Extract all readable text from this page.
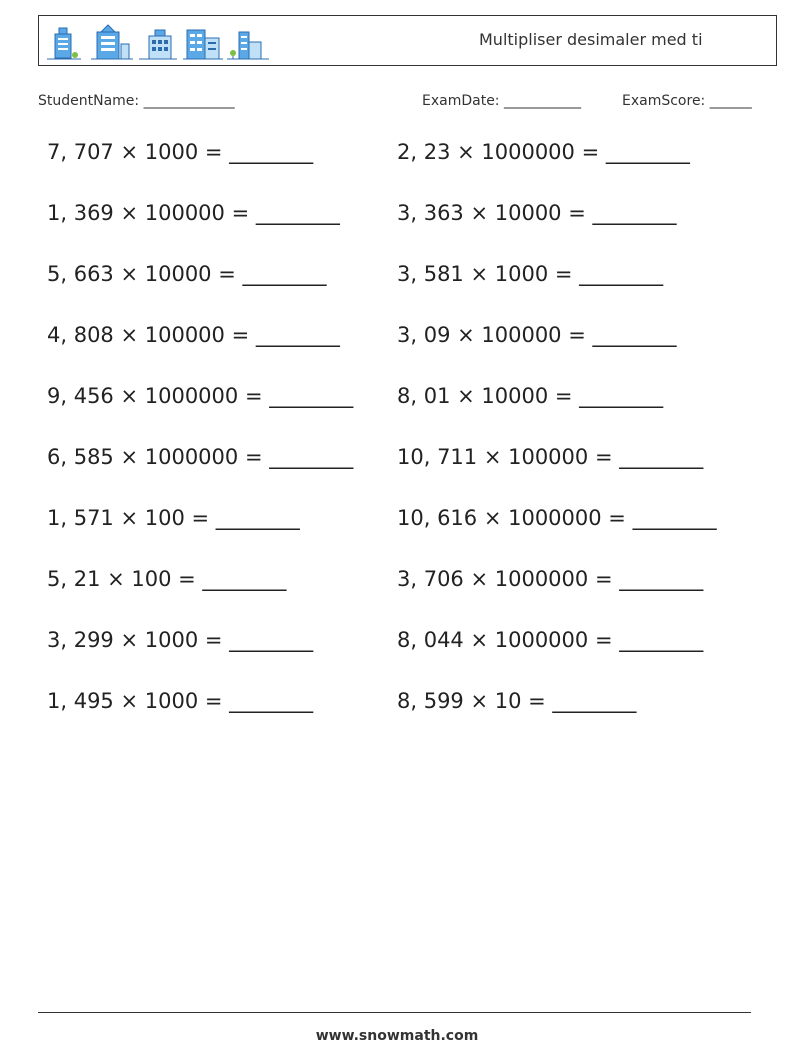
Multipliser desimaler med ti
StudentName: _____________	ExamDate: ___________	ExamScore: ______
7, 707 × 1000 = ________	2, 23 × 1000000 = ________
1, 369 × 100000 = ________	3, 363 × 10000 = ________
5, 663 × 10000 = ________	3, 581 × 1000 = ________
4, 808 × 100000 = ________	3, 09 × 100000 = ________
9, 456 × 1000000 = ________ 8, 01 × 10000 = ________
6, 585 × 1000000 = ________ 10, 711 × 100000 = ________
1, 571 × 100 = ________	10, 616 × 1000000 = ________
5, 21 × 100 = ________	3, 706 × 1000000 = ________
3, 299 × 1000 = ________	8, 044 × 1000000 = ________
1, 495 × 1000 = ________	8, 599 × 10 = ________
www.snowmath.com
